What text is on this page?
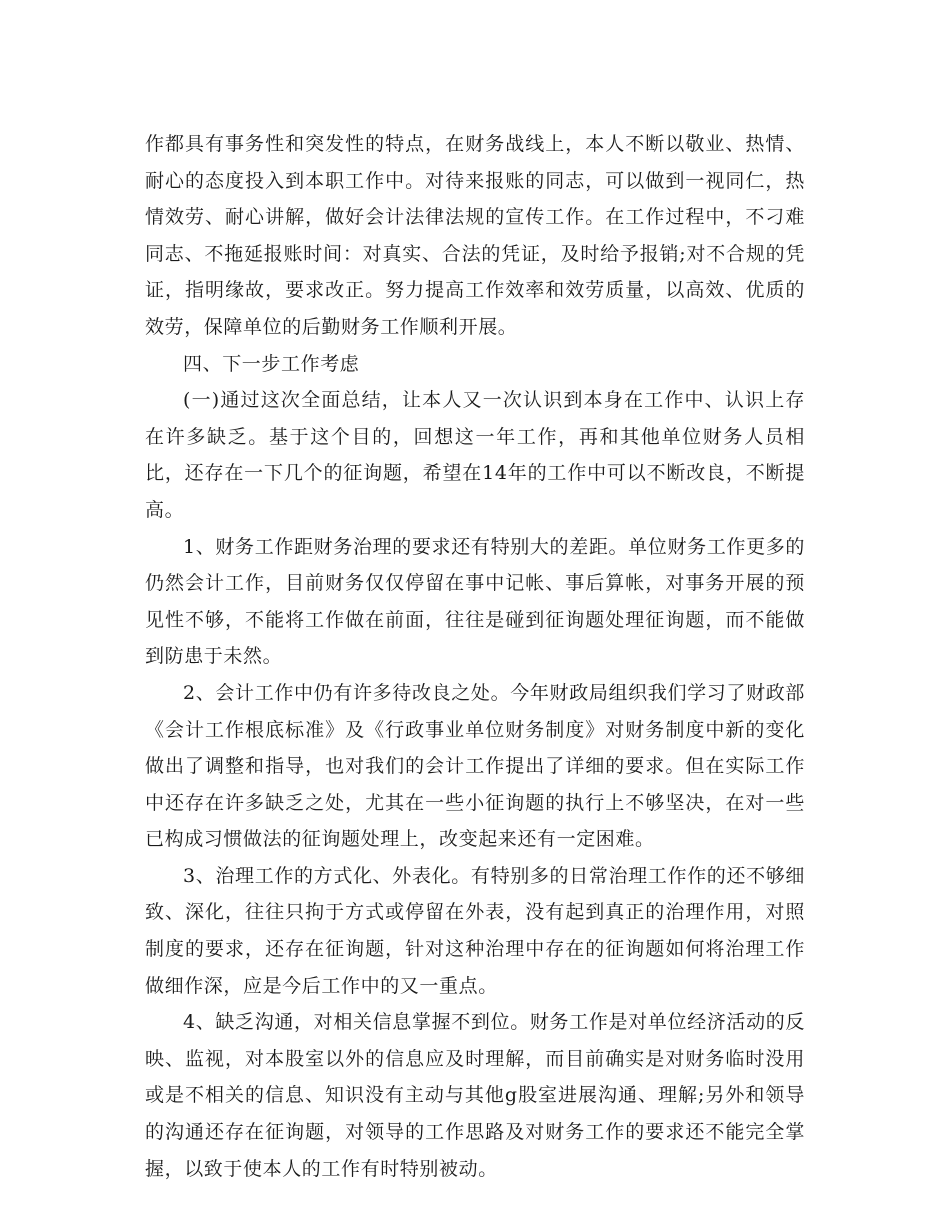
作都具有事务性和突发性的特点，在财务战线上，本人不断以敬业、热情、耐心的态度投入到本职工作中。对待来报账的同志，可以做到一视同仁，热情效劳、耐心讲解，做好会计法律法规的宣传工作。在工作过程中，不刁难同志、不拖延报账时间：对真实、合法的凭证，及时给予报销;对不合规的凭证，指明缘故，要求改正。努力提高工作效率和效劳质量，以高效、优质的效劳，保障单位的后勤财务工作顺利开展。

四、下一步工作考虑

(一)通过这次全面总结，让本人又一次认识到本身在工作中、认识上存在许多缺乏。基于这个目的，回想这一年工作，再和其他单位财务人员相比，还存在一下几个的征询题，希望在14年的工作中可以不断改良，不断提高。

1、财务工作距财务治理的要求还有特别大的差距。单位财务工作更多的仍然会计工作，目前财务仅仅停留在事中记帐、事后算帐，对事务开展的预见性不够，不能将工作做在前面，往往是碰到征询题处理征询题，而不能做到防患于未然。

2、会计工作中仍有许多待改良之处。今年财政局组织我们学习了财政部《会计工作根底标准》及《行政事业单位财务制度》对财务制度中新的变化做出了调整和指导，也对我们的会计工作提出了详细的要求。但在实际工作中还存在许多缺乏之处，尤其在一些小征询题的执行上不够坚决，在对一些已构成习惯做法的征询题处理上，改变起来还有一定困难。

3、治理工作的方式化、外表化。有特别多的日常治理工作作的还不够细致、深化，往往只拘于方式或停留在外表，没有起到真正的治理作用，对照制度的要求，还存在征询题，针对这种治理中存在的征询题如何将治理工作做细作深，应是今后工作中的又一重点。

4、缺乏沟通，对相关信息掌握不到位。财务工作是对单位经济活动的反映、监视，对本股室以外的信息应及时理解，而目前确实是对财务临时没用或是不相关的信息、知识没有主动与其他g股室进展沟通、理解;另外和领导的沟通还存在征询题，对领导的工作思路及对财务工作的要求还不能完全掌握，以致于使本人的工作有时特别被动。
